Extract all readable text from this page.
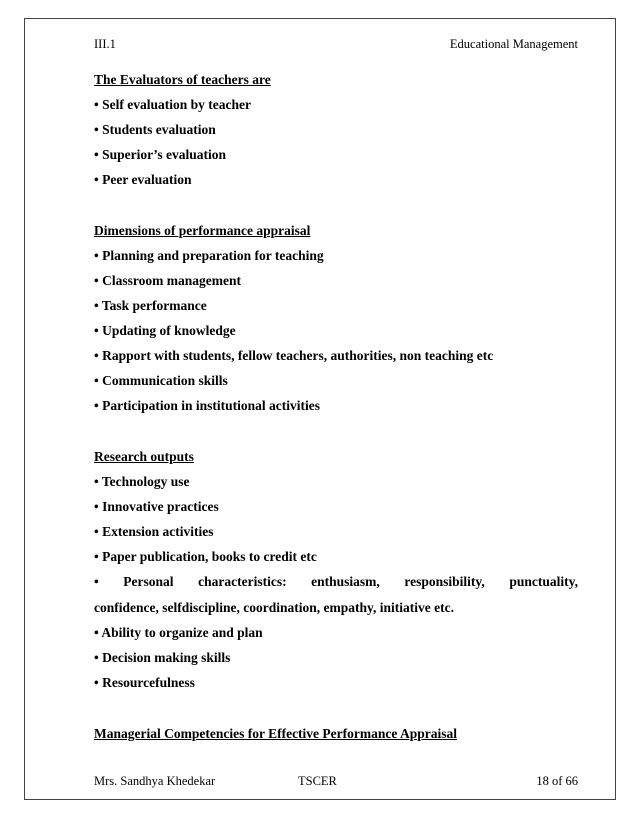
III.1	Educational Management
The Evaluators of teachers are
• Self evaluation by teacher
• Students evaluation
• Superior’s evaluation
• Peer evaluation
Dimensions of performance appraisal
• Planning and preparation for teaching
• Classroom management
• Task performance
• Updating of knowledge
• Rapport with students, fellow teachers, authorities, non teaching etc
• Communication skills
• Participation in institutional activities
Research outputs
• Technology use
• Innovative practices
• Extension activities
• Paper publication, books to credit etc
• Personal characteristics: enthusiasm, responsibility, punctuality,
confidence, selfdiscipline, coordination, empathy, initiative etc.
• Ability to organize and plan
• Decision making skills
• Resourcefulness
Managerial Competencies for Effective Performance Appraisal
Mrs. Sandhya Khedekar	TSCER	18 of 66
